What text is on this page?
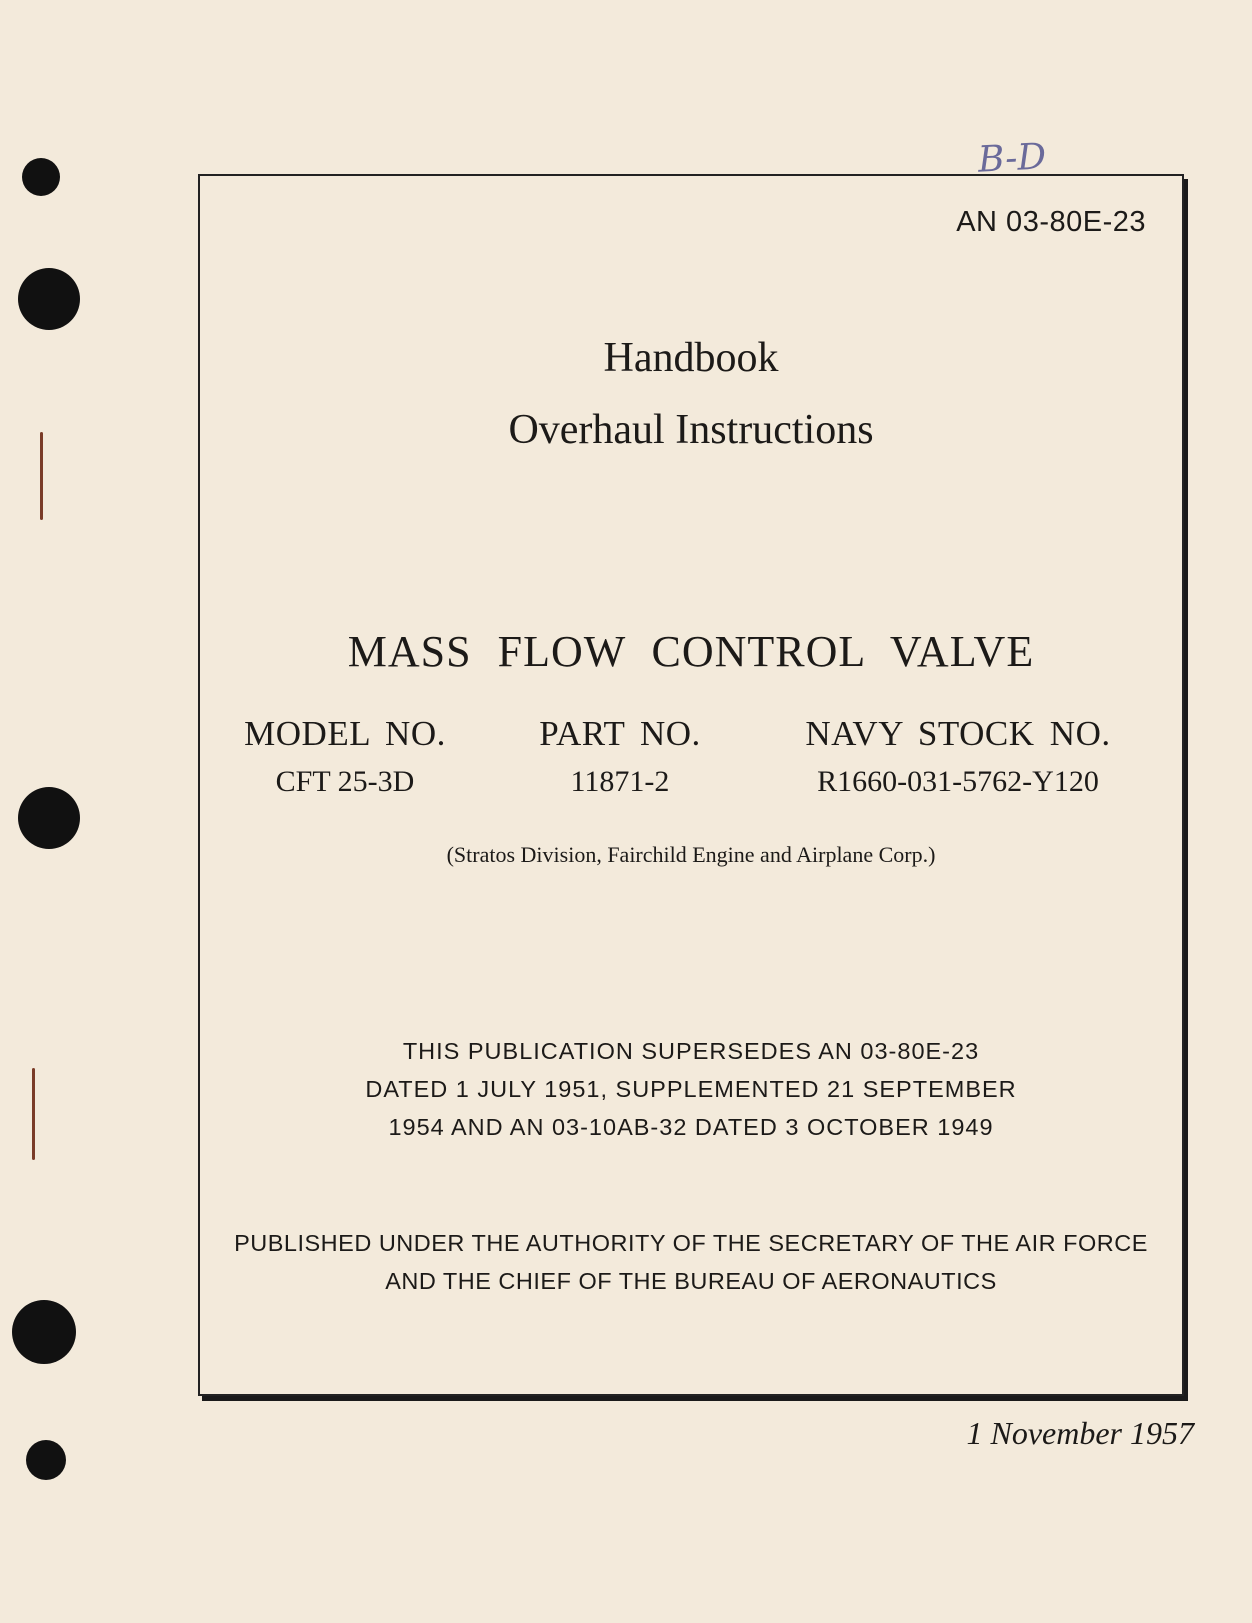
B-D
AN 03-80E-23
Handbook
Overhaul Instructions
MASS FLOW CONTROL VALVE
MODEL NO.
CFT 25-3D
PART NO.
11871-2
NAVY STOCK NO.
R1660-031-5762-Y120
(Stratos Division, Fairchild Engine and Airplane Corp.)
THIS PUBLICATION SUPERSEDES AN 03-80E-23
DATED 1 JULY 1951, SUPPLEMENTED 21 SEPTEMBER
1954 AND AN 03-10AB-32 DATED 3 OCTOBER 1949
PUBLISHED UNDER THE AUTHORITY OF THE SECRETARY OF THE AIR FORCE
AND THE CHIEF OF THE BUREAU OF AERONAUTICS
1 November 1957
